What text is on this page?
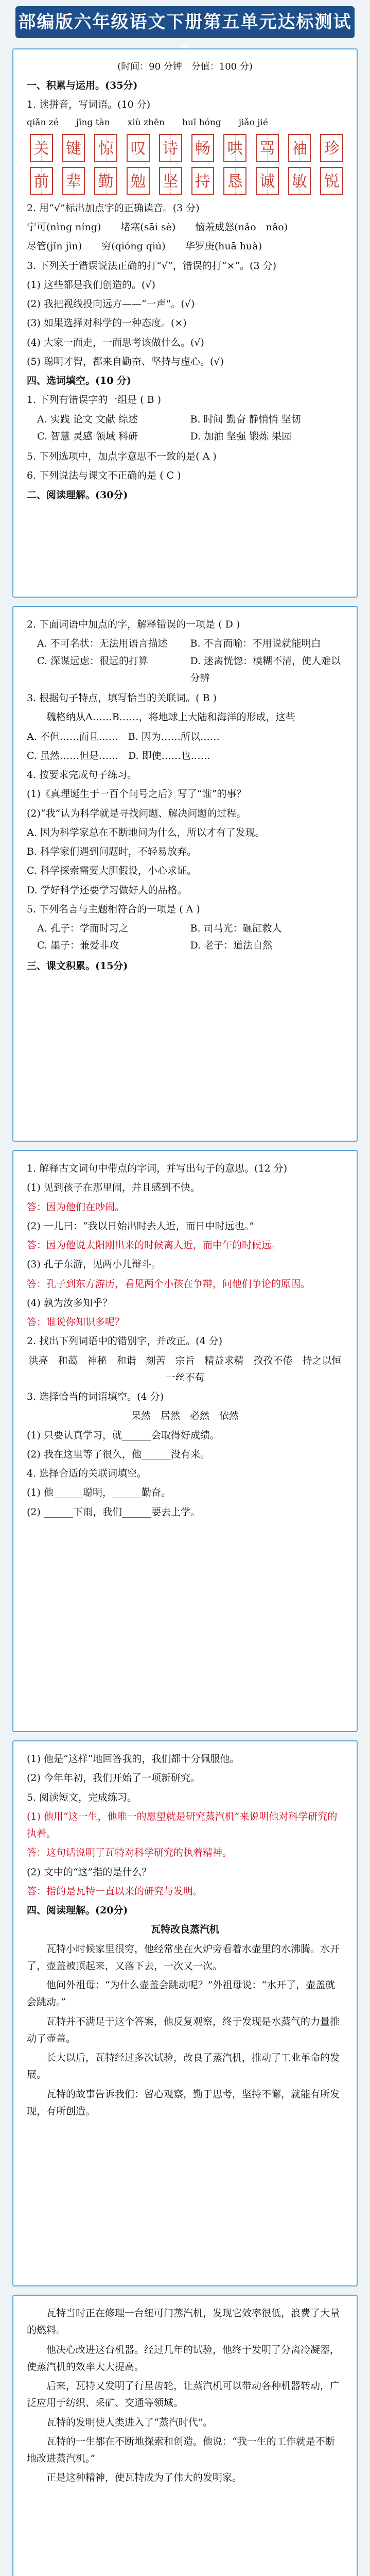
部编版六年级语文下册第五单元达标测试

(时间：90 分钟　分值：100 分)

一、积累与运用。(35分)

1. 读拼音，写词语。(10 分)

qiǎn zé　　jīng tàn　　xiù zhēn　　huī hóng　　jiǎo jié

关 键 惊 叹 诗 畅 哄 骂 袖 珍
前 辈 勤 勉 坚 持 恳 诚 敏 锐

2. 用“√”标出加点字的正确读音。(3 分)

宁可(nìng níng)　　堵塞(sāi sè)　　恼羞成怒(nǎo　nǎo)

尽管(jǐn jìn)　　穷(qióng qiú)　　华罗庚(huā huà)

3. 下列关于错误说法正确的打“√”，错误的打“×”。(3 分)

(1) 这些都是我们创造的。(√)

(2) 我把视线投向远方——“一声”。(√)

(3) 如果选择对科学的一种态度。(×)

(4) 大家一面走，一面思考该做什么。(√)

(5) 聪明才智，都来自勤奋、坚持与虚心。(√)

四、选词填空。(10 分)

1. 下列有错误字的一组是 ( B )

A. 实践 论文 文献 综述	B. 时间 勤奋 静悄悄 坚韧
C. 智慧 灵感 领域 科研	D. 加油 坚强 锻炼 果园

5. 下列选项中，加点字意思不一致的是( A )

6. 下列说法与课文不正确的是 ( C )

二、阅读理解。(30分)

2. 下面词语中加点的字，解释错误的一项是 ( D )

A. 不可名状：无法用语言描述	B. 不言而喻：不用说就能明白
C. 深谋远虑：很远的打算	D. 迷离恍惚：模糊不清，使人难以分辨

3. 根据句子特点，填写恰当的关联词。( B )

魏格纳从A……B……，将地球上大陆和海洋的形成，这些

A. 不但……而且……　B. 因为……所以……

C. 虽然……但是……　D. 即使……也……

4. 按要求完成句子练习。

(1)《真理诞生于一百个问号之后》写了“谁”的事？

(2)“我”认为科学就是寻找问题、解决问题的过程。

A. 因为科学家总在不断地问为什么，所以才有了发现。

B. 科学家们遇到问题时，不轻易放弃。

C. 科学探索需要大胆假设，小心求证。

D. 学好科学还要学习做好人的品格。

5. 下列名言与主题相符合的一项是 ( A )

A. 孔子：学而时习之	B. 司马光：砸缸救人
C. 墨子：兼爱非攻	D. 老子：道法自然

三、课文积累。(15分)

1. 解释古文词句中带点的字词，并写出句子的意思。(12 分)

(1) 见到孩子在那里闹，并且感到不快。

答：因为他们在吵闹。

(2) 一儿曰：“我以日始出时去人近，而日中时远也。”

答：因为他说太阳刚出来的时候离人近，而中午的时候远。

(3) 孔子东游，见两小儿辩斗。

答：孔子到东方游历，看见两个小孩在争辩，问他们争论的原因。

(4) 孰为汝多知乎？

答：谁说你知识多呢？

2. 找出下列词语中的错别字，并改正。(4 分)

洪亮　和蔼　神秘　和谐　刻苦　宗旨　精益求精　孜孜不倦　持之以恒　一丝不苟

3. 选择恰当的词语填空。(4 分)

果然　居然　必然　依然

(1) 只要认真学习，就______会取得好成绩。

(2) 我在这里等了很久，他______没有来。

4. 选择合适的关联词填空。

(1) 他______聪明，______勤奋。

(2) ______下雨，我们______要去上学。

(1) 他是“这样”地回答我的，我们都十分佩服他。

(2) 今年年初，我们开始了一项新研究。

5. 阅读短文，完成练习。

(1) 他用“这一生，他唯一的愿望就是研究蒸汽机”来说明他对科学研究的执着。

答：这句话说明了瓦特对科学研究的执着精神。

(2) 文中的“这”指的是什么？

答：指的是瓦特一直以来的研究与发明。

四、阅读理解。(20分)

瓦特改良蒸汽机

瓦特小时候家里很穷，他经常坐在火炉旁看着水壶里的水沸腾。水开了，壶盖被顶起来，又落下去，一次又一次。

他问外祖母：“为什么壶盖会跳动呢？”外祖母说：“水开了，壶盖就会跳动。”

瓦特并不满足于这个答案，他反复观察，终于发现是水蒸气的力量推动了壶盖。

长大以后，瓦特经过多次试验，改良了蒸汽机，推动了工业革命的发展。

瓦特的故事告诉我们：留心观察，勤于思考，坚持不懈，就能有所发现，有所创造。

瓦特当时正在修理一台纽可门蒸汽机，发现它效率很低，浪费了大量的燃料。

他决心改进这台机器。经过几年的试验，他终于发明了分离冷凝器，使蒸汽机的效率大大提高。

后来，瓦特又发明了行星齿轮，让蒸汽机可以带动各种机器转动，广泛应用于纺织、采矿、交通等领域。

瓦特的发明使人类进入了“蒸汽时代”。

瓦特的一生都在不断地探索和创造。他说：“我一生的工作就是不断地改进蒸汽机。”

正是这种精神，使瓦特成为了伟大的发明家。
